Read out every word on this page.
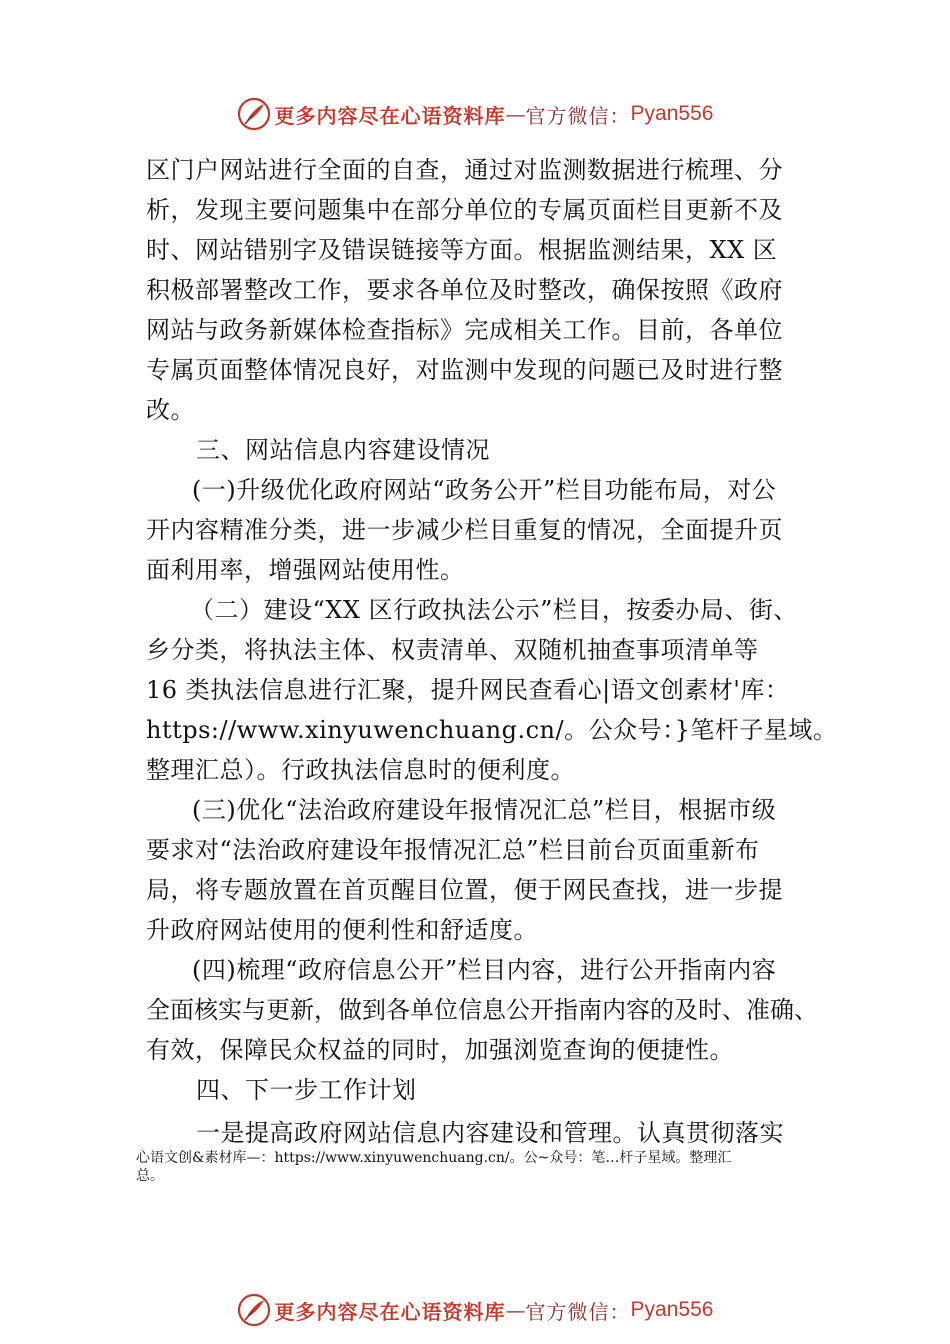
更多内容尽在心语资料库 — 官方微信： Pyan556
区门户网站进行全面的自查，通过对监测数据进行梳理、分
析，发现主要问题集中在部分单位的专属页面栏目更新不及
时、网站错别字及错误链接等方面。根据监测结果，XX 区
积极部署整改工作，要求各单位及时整改，确保按照《政府
网站与政务新媒体检查指标》完成相关工作。目前，各单位
专属页面整体情况良好，对监测中发现的问题已及时进行整
改。
三、网站信息内容建设情况
(一)升级优化政府网站“政务公开”栏目功能布局，对公
开内容精准分类，进一步减少栏目重复的情况，全面提升页
面利用率，增强网站使用性。
（二）建设“XX 区行政执法公示”栏目，按委办局、街、
乡分类，将执法主体、权责清单、双随机抽查事项清单等
16 类执法信息进行汇聚，提升网民查看心|语文创素材'库：
https://www.xinyuwenchuang.cn/。公众号：}笔杆子星域。
整理汇总）。行政执法信息时的便利度。
(三)优化“法治政府建设年报情况汇总”栏目，根据市级
要求对“法治政府建设年报情况汇总”栏目前台页面重新布
局，将专题放置在首页醒目位置，便于网民查找，进一步提
升政府网站使用的便利性和舒适度。
(四)梳理“政府信息公开”栏目内容，进行公开指南内容
全面核实与更新，做到各单位信息公开指南内容的及时、准确、
有效，保障民众权益的同时，加强浏览查询的便捷性。
四、下一步工作计划
一是提高政府网站信息内容建设和管理。认真贯彻落实
心语文创&素材库—：https://www.xinyuwenchuang.cn/。公~众号：笔…杆子星域。整理汇
总。
更多内容尽在心语资料库 — 官方微信： Pyan556
